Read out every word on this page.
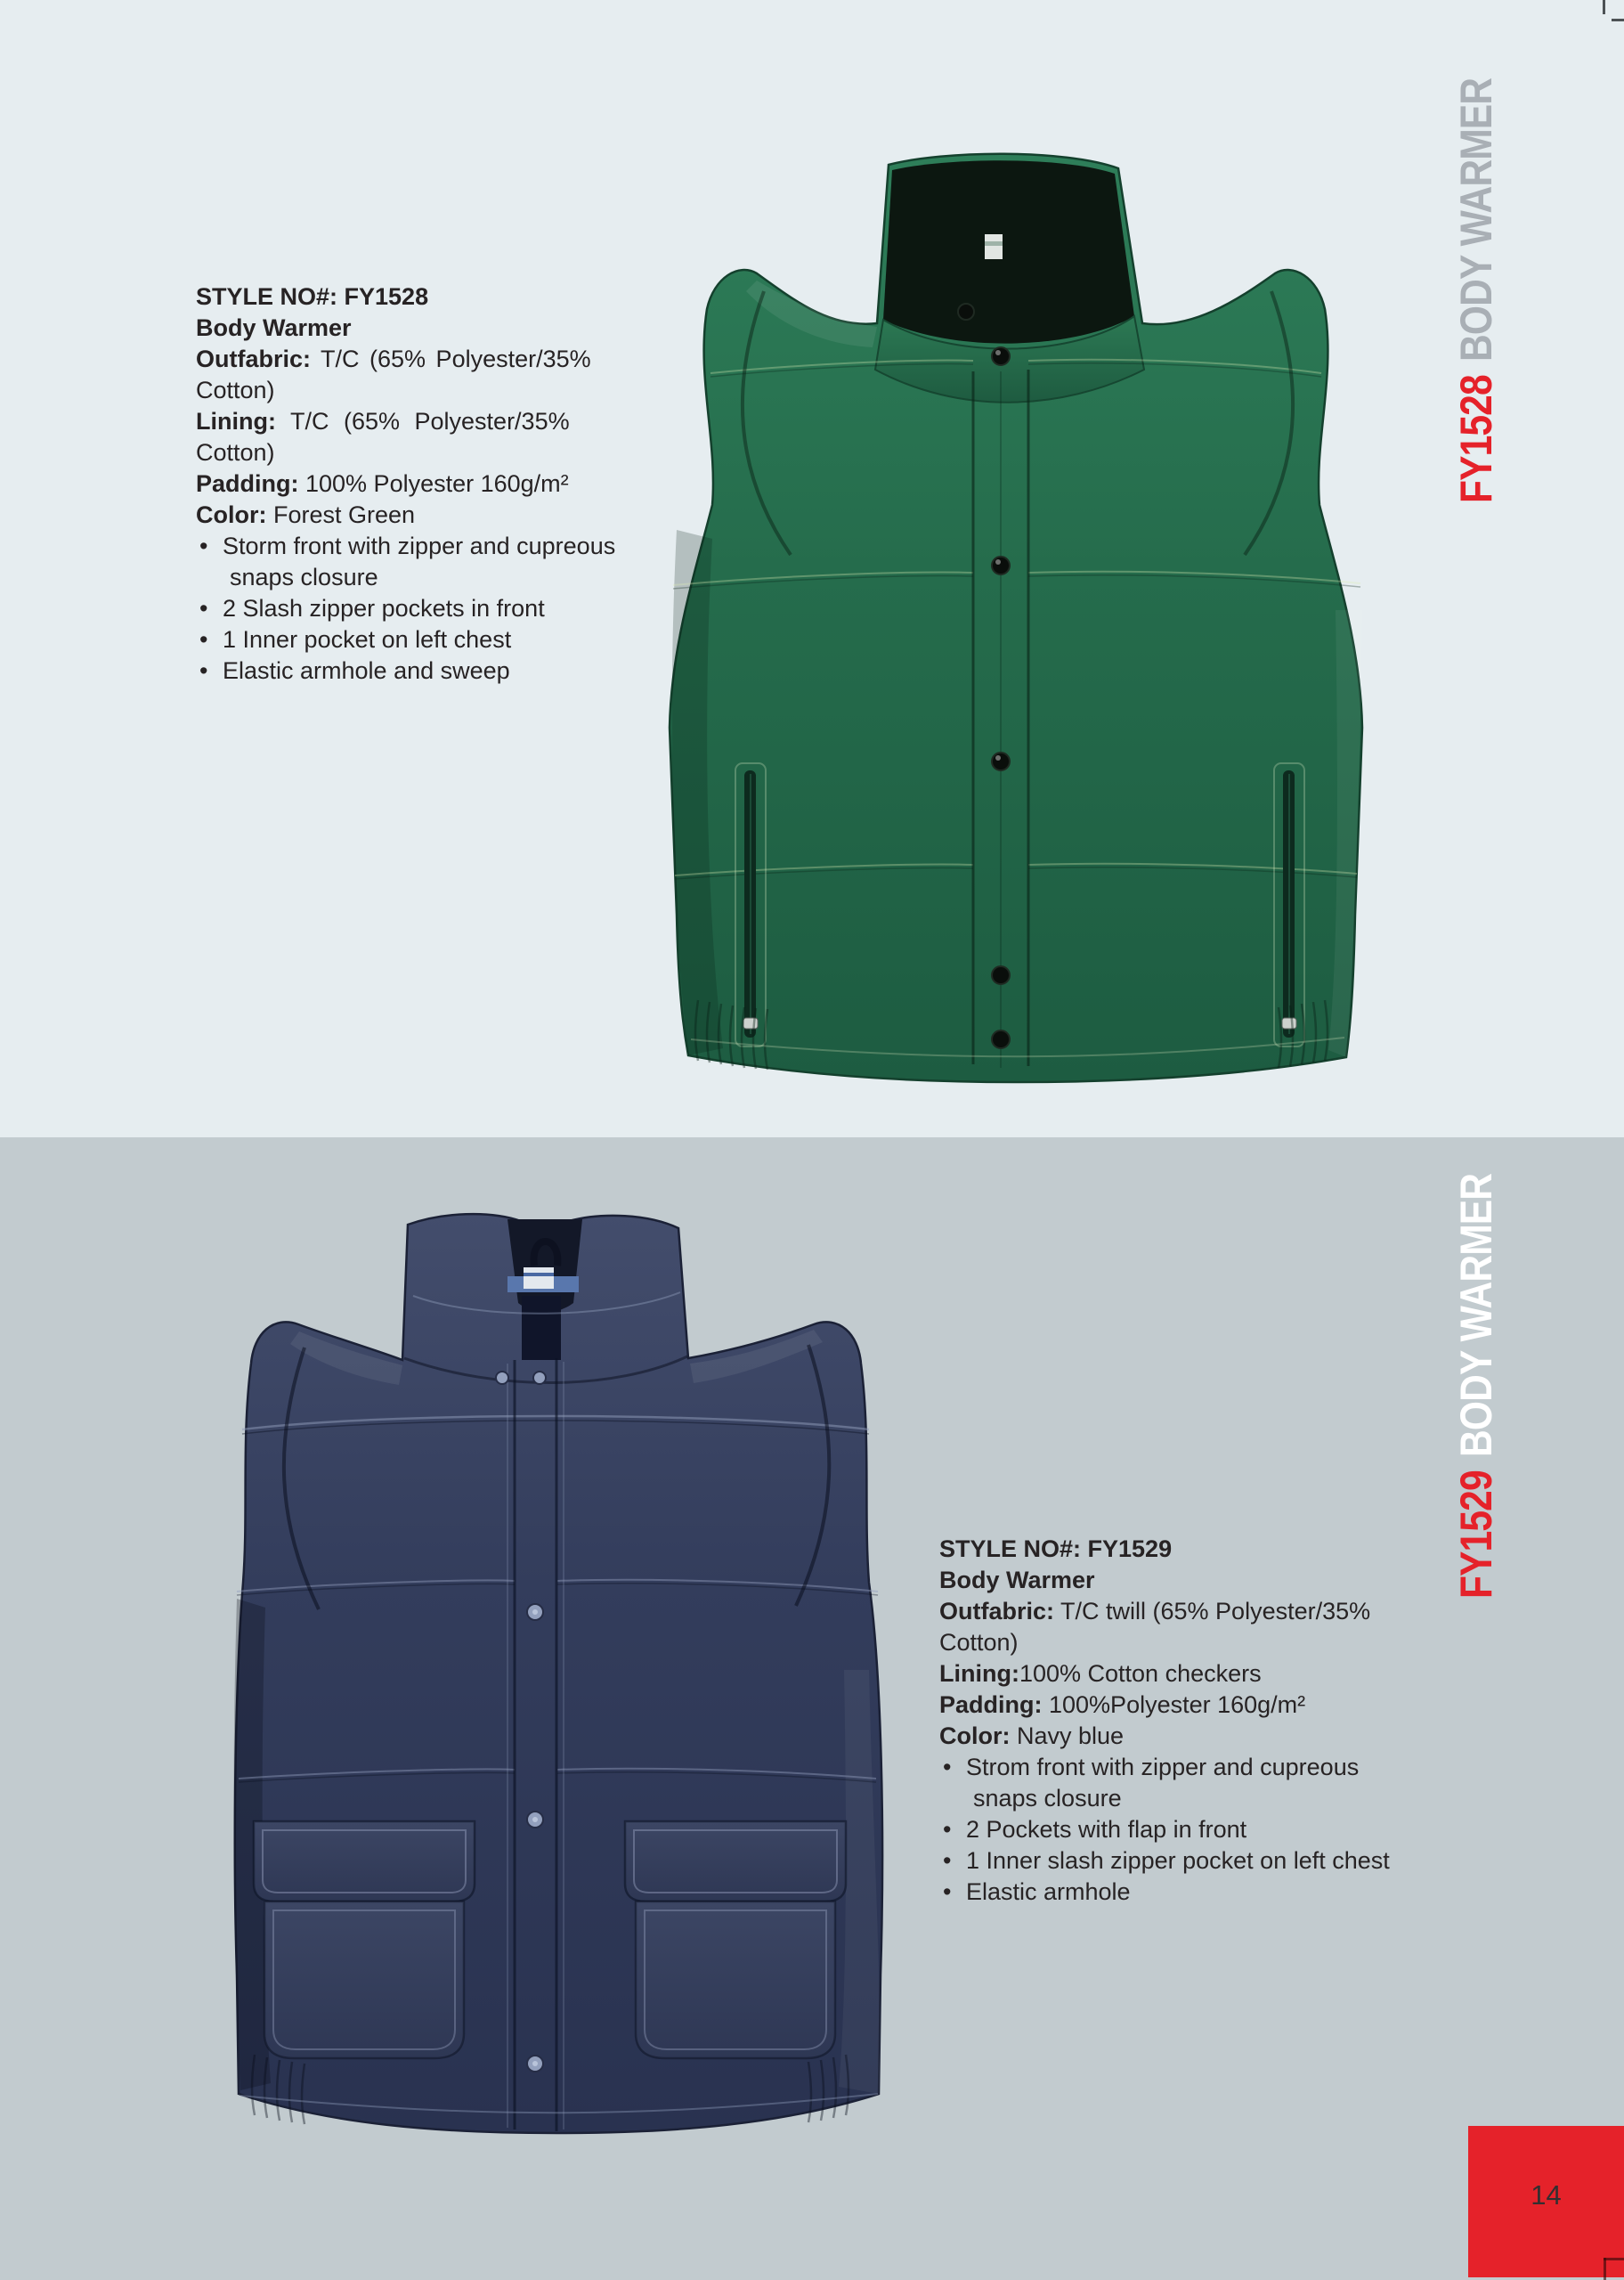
STYLE NO#: FY1528
Body Warmer
Outfabric: T/C (65% Polyester/35%
Cotton)
Lining: T/C (65% Polyester/35%
Cotton)
Padding: 100% Polyester 160g/m²
Color: Forest Green
• Storm front with zipper and cupreous
snaps closure
• 2 Slash zipper pockets in front
• 1 Inner pocket on left chest
• Elastic armhole and sweep
FY1528BODY WARMER
STYLE NO#: FY1529
Body Warmer
Outfabric: T/C twill (65% Polyester/35%
Cotton)
Lining:100% Cotton checkers
Padding: 100%Polyester 160g/m²
Color: Navy blue
• Strom front with zipper and cupreous
snaps closure
• 2 Pockets with flap in front
• 1 Inner slash zipper pocket on left chest
• Elastic armhole
FY1529BODY WARMER
14
